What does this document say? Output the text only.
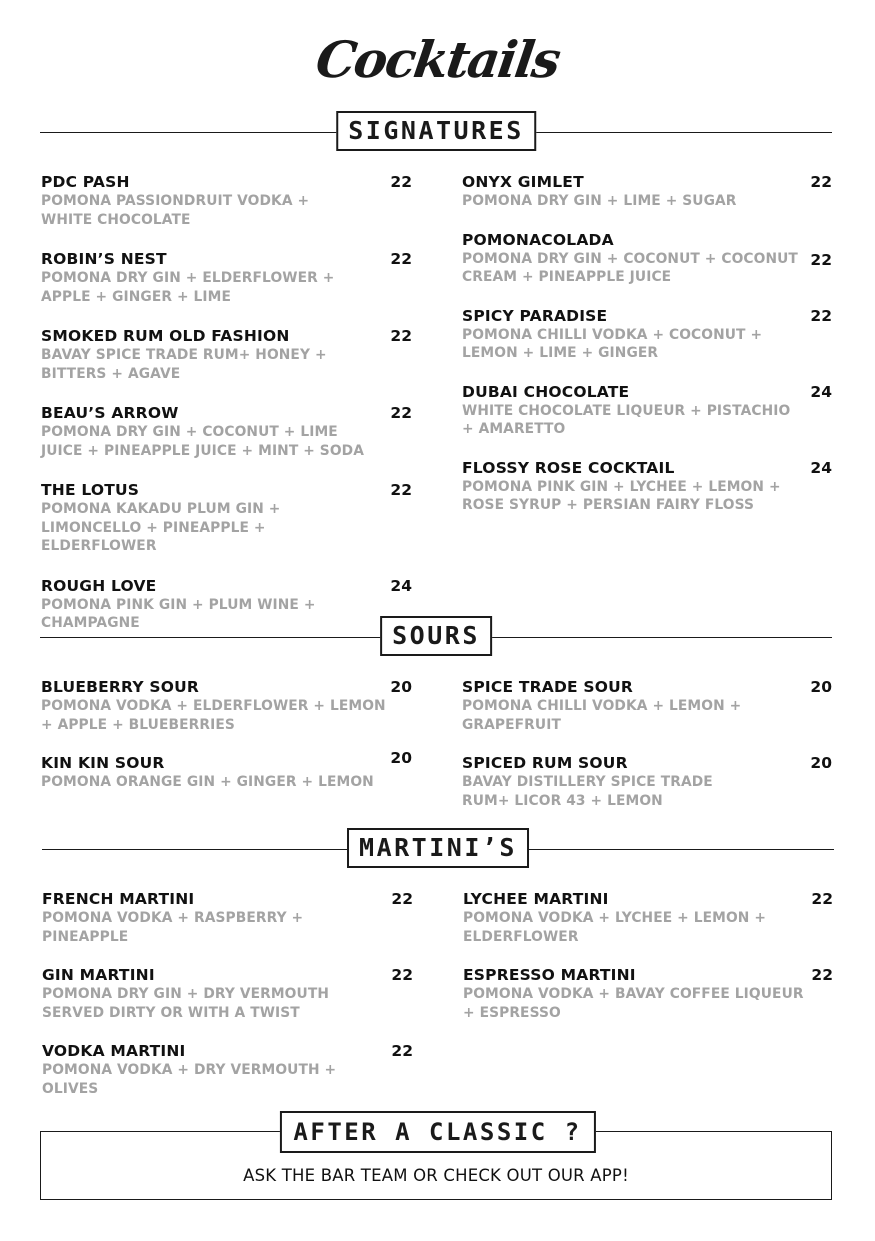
Cocktails
SIGNATURES
PDC PASH	22
POMONA PASSIONDRUIT VODKA +
WHITE CHOCOLATE
ROBIN’S NEST	22
POMONA DRY GIN + ELDERFLOWER +
APPLE + GINGER + LIME
SMOKED RUM OLD FASHION	22
BAVAY SPICE TRADE RUM+ HONEY +
BITTERS + AGAVE
BEAU’S ARROW	22
POMONA DRY GIN + COCONUT + LIME
JUICE + PINEAPPLE JUICE + MINT + SODA
THE LOTUS	22
POMONA KAKADU PLUM GIN +
LIMONCELLO + PINEAPPLE +
ELDERFLOWER
ROUGH LOVE	24
POMONA PINK GIN + PLUM WINE +
CHAMPAGNE
ONYX GIMLET	22
POMONA DRY GIN + LIME + SUGAR
POMONACOLADA
22
POMONA DRY GIN + COCONUT + COCONUT
CREAM + PINEAPPLE JUICE
SPICY PARADISE	22
POMONA CHILLI VODKA + COCONUT +
LEMON + LIME + GINGER
DUBAI CHOCOLATE	24
WHITE CHOCOLATE LIQUEUR + PISTACHIO
+ AMARETTO
FLOSSY ROSE COCKTAIL	24
POMONA PINK GIN + LYCHEE + LEMON +
ROSE SYRUP + PERSIAN FAIRY FLOSS
SOURS
BLUEBERRY SOUR	20
POMONA VODKA + ELDERFLOWER + LEMON
+ APPLE + BLUEBERRIES
KIN KIN SOUR	20
POMONA ORANGE GIN + GINGER + LEMON
SPICE TRADE SOUR	20
POMONA CHILLI VODKA + LEMON +
GRAPEFRUIT
SPICED RUM SOUR	20
BAVAY DISTILLERY SPICE TRADE
RUM+ LICOR 43 + LEMON
MARTINI’S
FRENCH MARTINI	22
POMONA VODKA + RASPBERRY +
PINEAPPLE
GIN MARTINI	22
POMONA DRY GIN + DRY VERMOUTH
SERVED DIRTY OR WITH A TWIST
VODKA MARTINI	22
POMONA VODKA + DRY VERMOUTH +
OLIVES
LYCHEE MARTINI	22
POMONA VODKA + LYCHEE + LEMON +
ELDERFLOWER
ESPRESSO MARTINI	22
POMONA VODKA + BAVAY COFFEE LIQUEUR
+ ESPRESSO
AFTER A CLASSIC ?
ASK THE BAR TEAM OR CHECK OUT OUR APP!
